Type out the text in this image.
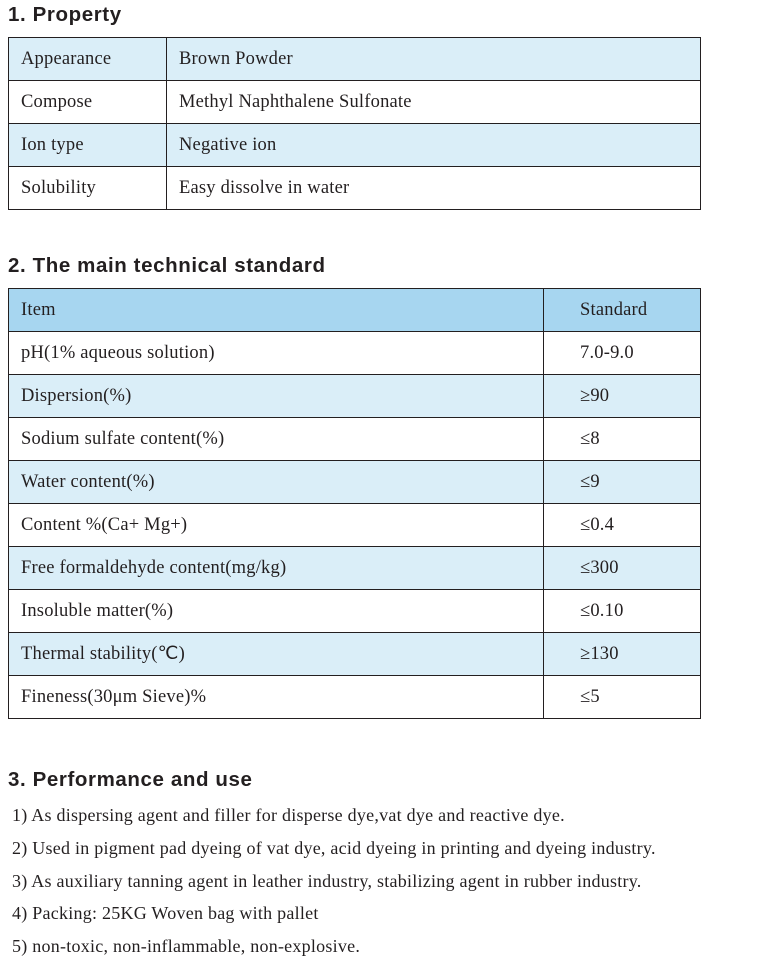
1. Property
Appearance	Brown Powder
Compose	Methyl Naphthalene Sulfonate
Ion type	Negative ion
Solubility	Easy dissolve in water
2. The main technical standard
Item	Standard
pH(1% aqueous solution)	7.0-9.0
Dispersion(%)	≥90
Sodium sulfate content(%)	≤8
Water content(%)	≤9
Content %(Ca+ Mg+)	≤0.4
Free formaldehyde content(mg/kg)	≤300
Insoluble matter(%)	≤0.10
Thermal stability(℃)	≥130
Fineness(30μm Sieve)%	≤5
3. Performance and use
1) As dispersing agent and filler for disperse dye,vat dye and reactive dye.
2) Used in pigment pad dyeing of vat dye, acid dyeing in printing and dyeing industry.
3) As auxiliary tanning agent in leather industry, stabilizing agent in rubber industry.
4) Packing: 25KG Woven bag with pallet
5) non-toxic, non-inflammable, non-explosive.
